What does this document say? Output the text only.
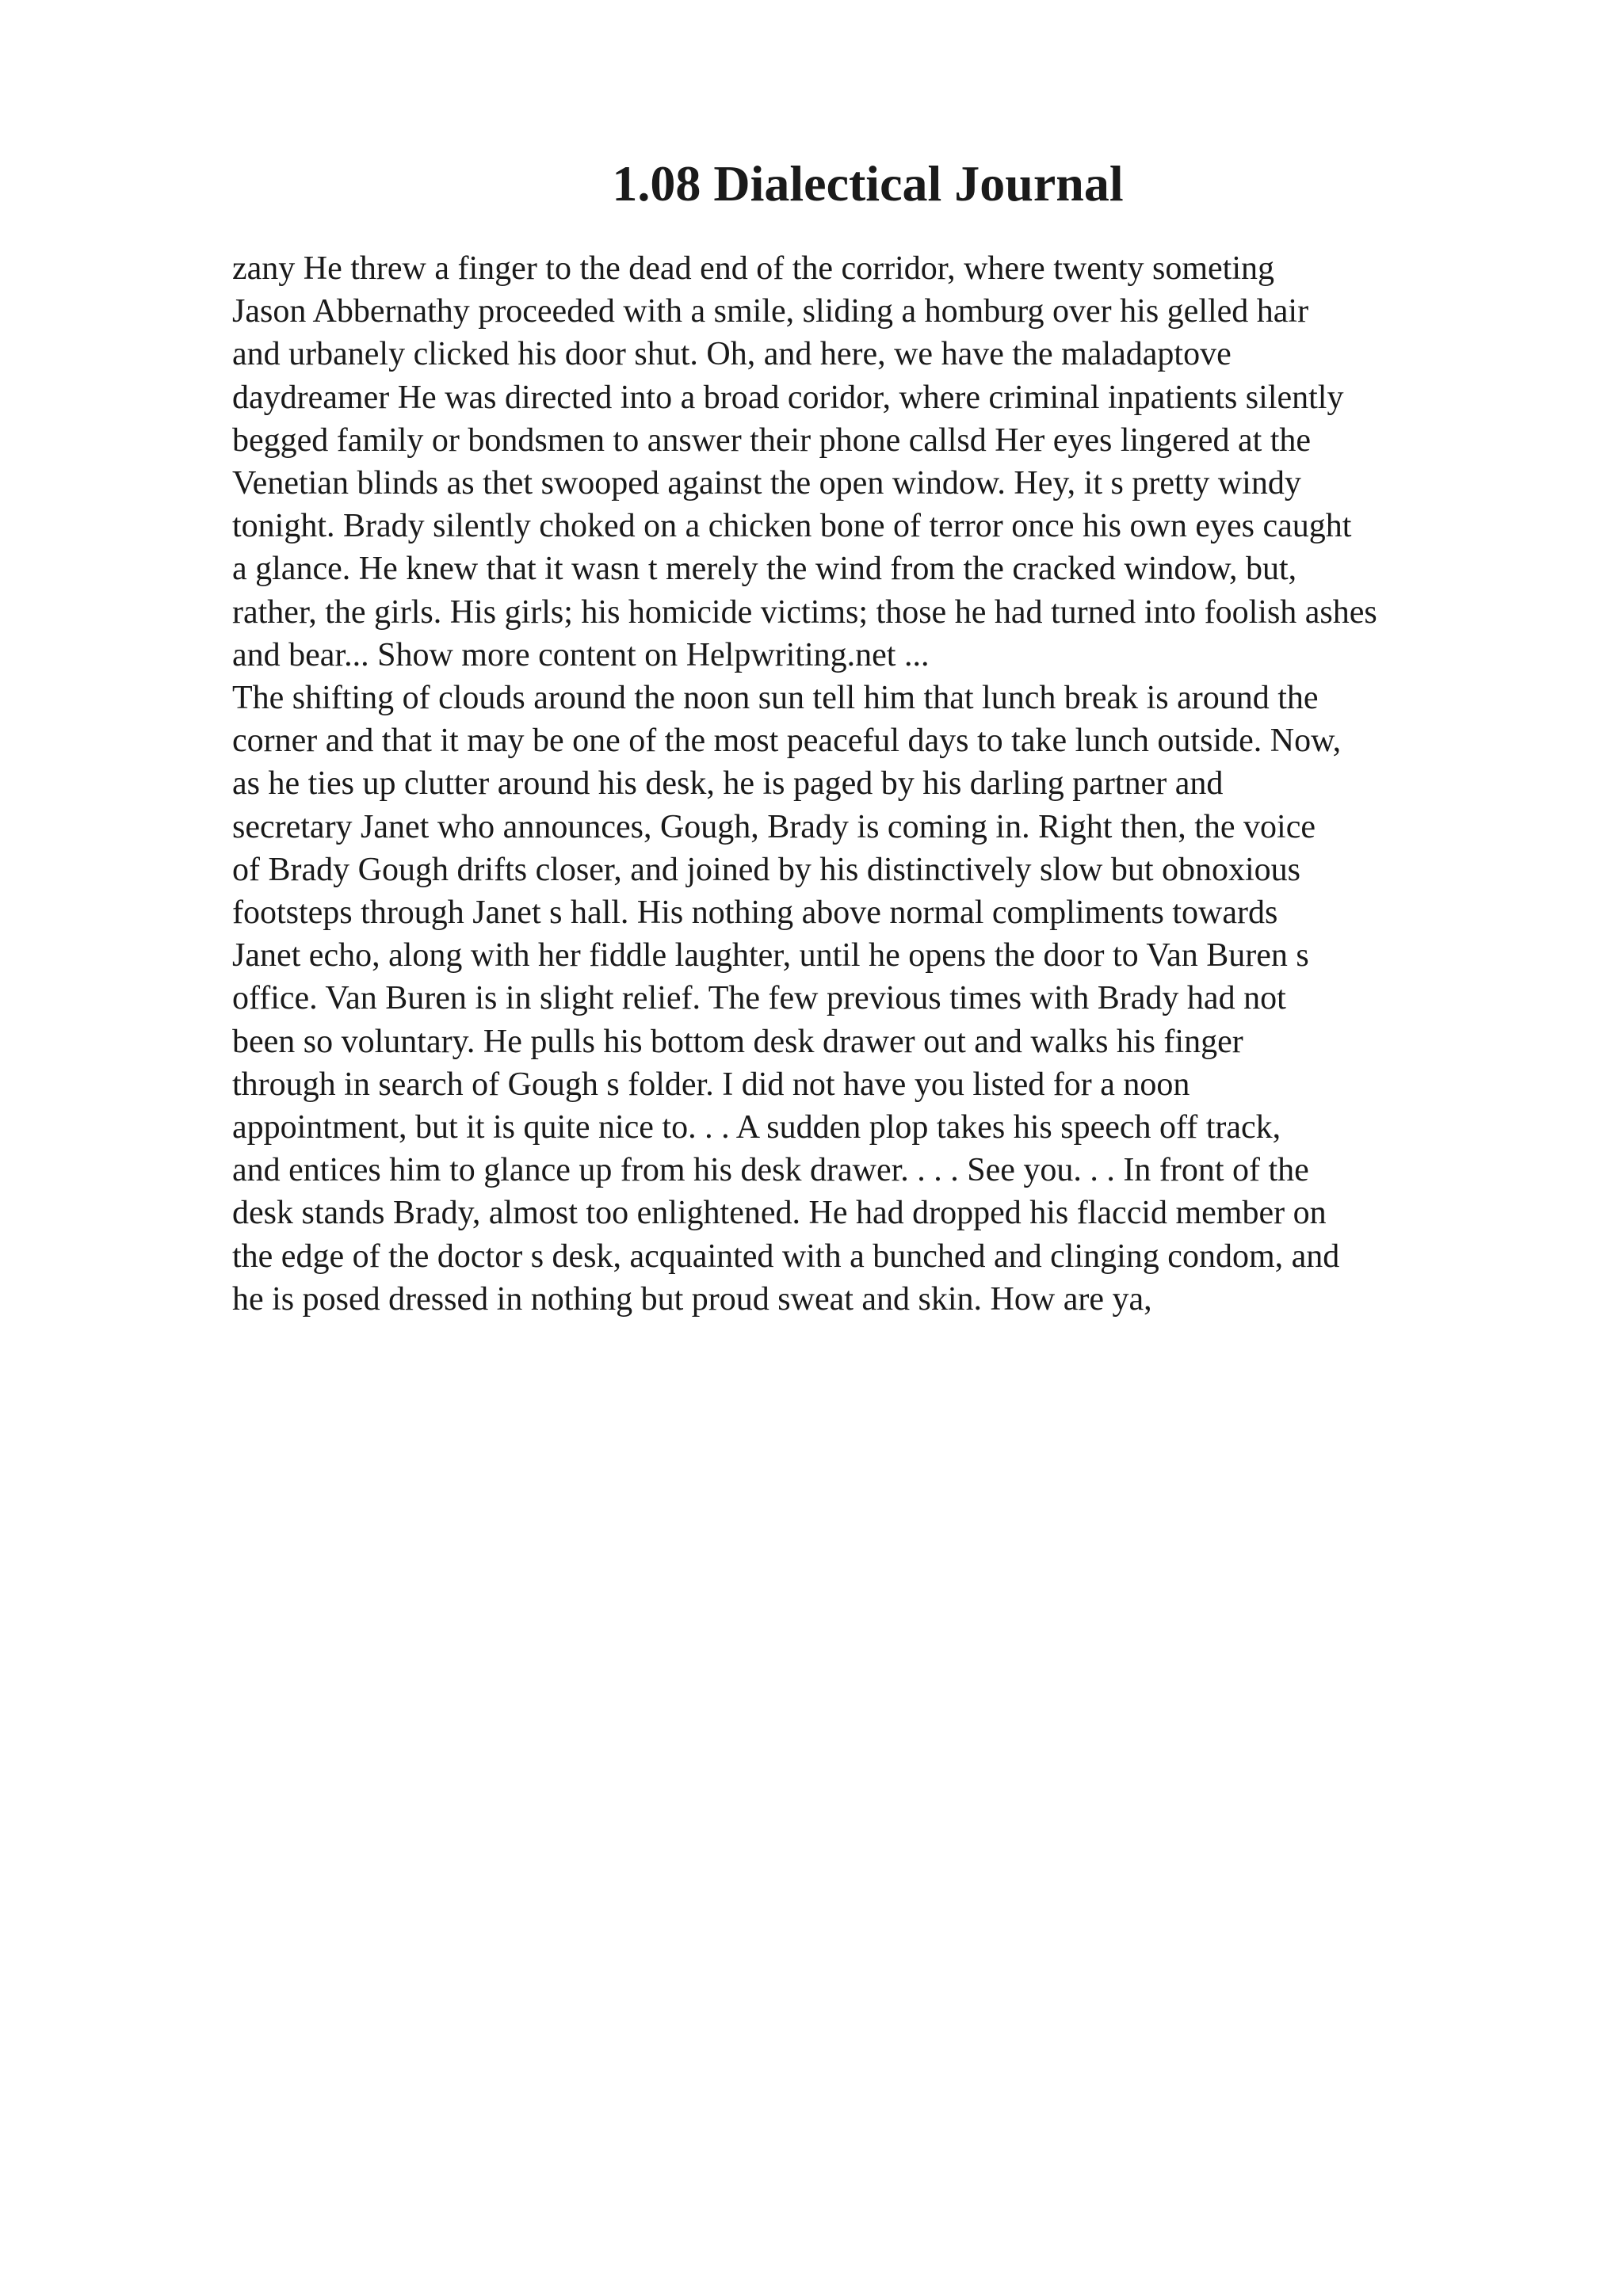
1.08 Dialectical Journal
zany He threw a finger to the dead end of the corridor, where twenty someting
Jason Abbernathy proceeded with a smile, sliding a homburg over his gelled hair
and urbanely clicked his door shut. Oh, and here, we have the maladaptove
daydreamer He was directed into a broad coridor, where criminal inpatients silently
begged family or bondsmen to answer their phone callsd Her eyes lingered at the
Venetian blinds as thet swooped against the open window. Hey, it s pretty windy
tonight. Brady silently choked on a chicken bone of terror once his own eyes caught
a glance. He knew that it wasn t merely the wind from the cracked window, but,
rather, the girls. His girls; his homicide victims; those he had turned into foolish ashes
and bear... Show more content on Helpwriting.net ...
The shifting of clouds around the noon sun tell him that lunch break is around the
corner and that it may be one of the most peaceful days to take lunch outside. Now,
as he ties up clutter around his desk, he is paged by his darling partner and
secretary Janet who announces, Gough, Brady is coming in. Right then, the voice
of Brady Gough drifts closer, and joined by his distinctively slow but obnoxious
footsteps through Janet s hall. His nothing above normal compliments towards
Janet echo, along with her fiddle laughter, until he opens the door to Van Buren s
office. Van Buren is in slight relief. The few previous times with Brady had not
been so voluntary. He pulls his bottom desk drawer out and walks his finger
through in search of Gough s folder. I did not have you listed for a noon
appointment, but it is quite nice to. . . A sudden plop takes his speech off track,
and entices him to glance up from his desk drawer. . . . See you. . . In front of the
desk stands Brady, almost too enlightened. He had dropped his flaccid member on
the edge of the doctor s desk, acquainted with a bunched and clinging condom, and
he is posed dressed in nothing but proud sweat and skin. How are ya,
